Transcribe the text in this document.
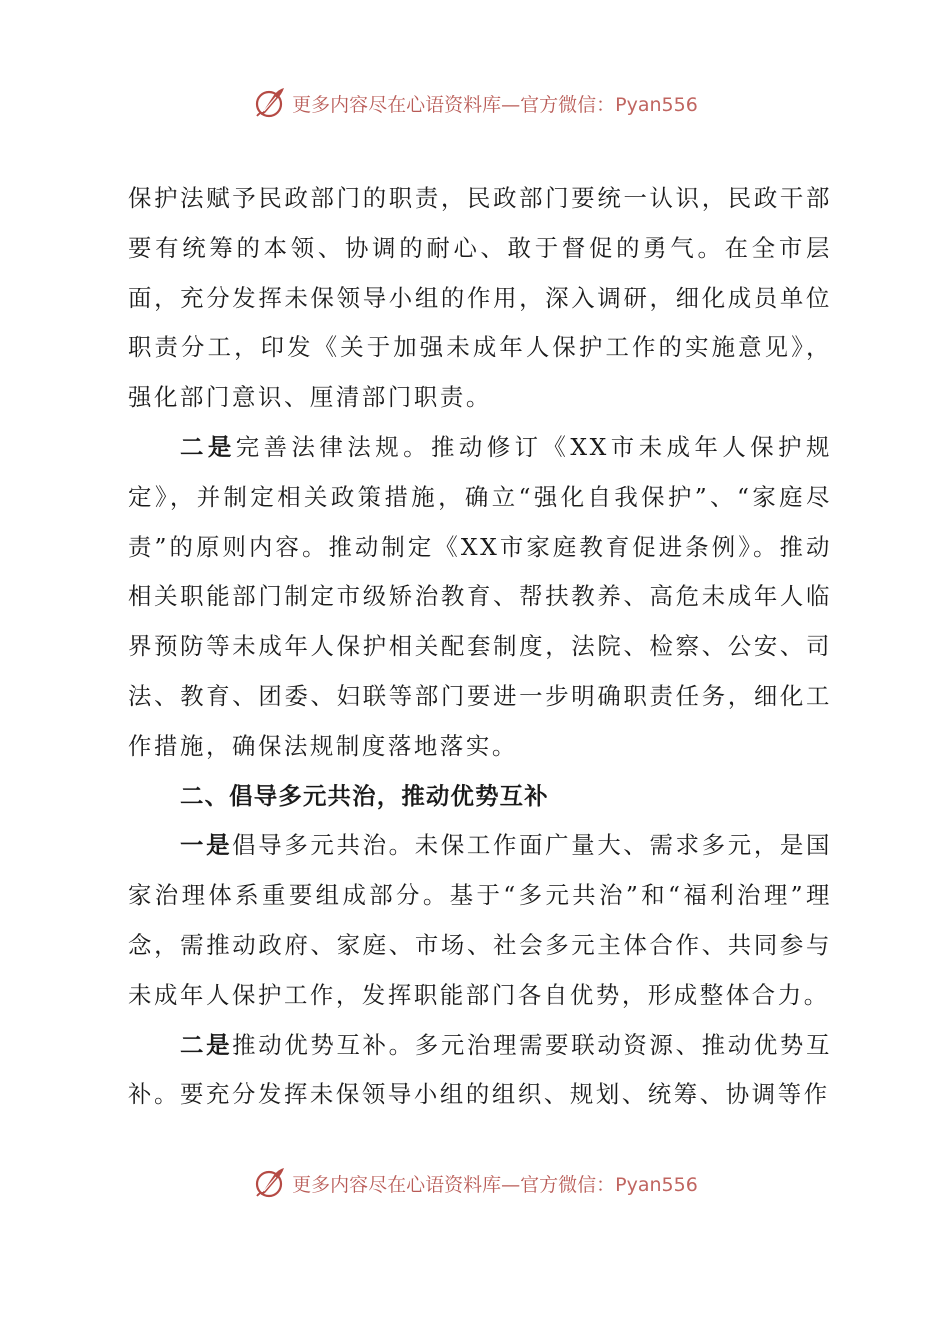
更多内容尽在心语资料库—官方微信：Pyan556

保护法赋予民政部门的职责，民政部门要统一认识，民政干部要有统筹的本领、协调的耐心、敢于督促的勇气。在全市层面，充分发挥未保领导小组的作用，深入调研，细化成员单位职责分工，印发《关于加强未成年人保护工作的实施意见》，强化部门意识、厘清部门职责。

二是完善法律法规。推动修订《XX市未成年人保护规定》，并制定相关政策措施，确立“强化自我保护”、“家庭尽责”的原则内容。推动制定《XX市家庭教育促进条例》。推动相关职能部门制定市级矫治教育、帮扶教养、高危未成年人临界预防等未成年人保护相关配套制度，法院、检察、公安、司法、教育、团委、妇联等部门要进一步明确职责任务，细化工作措施，确保法规制度落地落实。

二、倡导多元共治，推动优势互补

一是倡导多元共治。未保工作面广量大、需求多元，是国家治理体系重要组成部分。基于“多元共治”和“福利治理”理念，需推动政府、家庭、市场、社会多元主体合作、共同参与未成年人保护工作，发挥职能部门各自优势，形成整体合力。

二是推动优势互补。多元治理需要联动资源、推动优势互补。要充分发挥未保领导小组的组织、规划、统筹、协调等作

更多内容尽在心语资料库—官方微信：Pyan556
